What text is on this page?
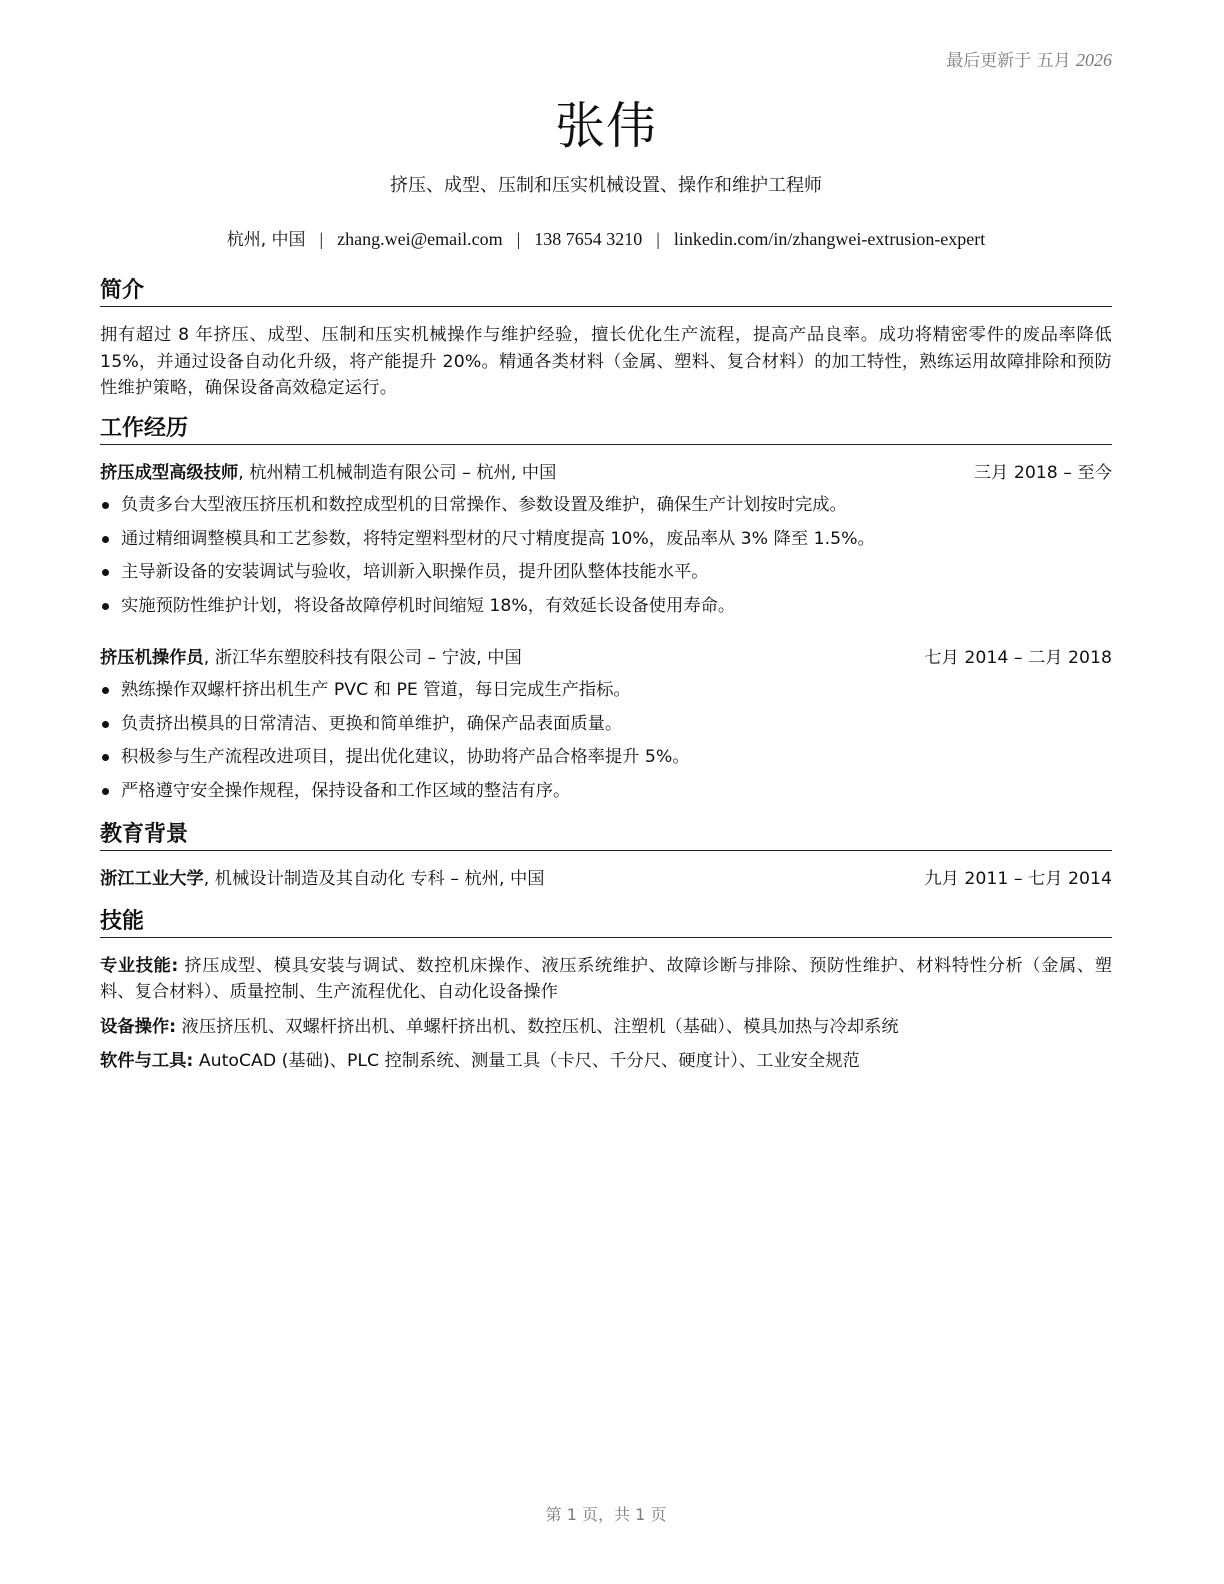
最后更新于 五月 2026
张伟
挤压、成型、压制和压实机械设置、操作和维护工程师
杭州, 中国 | zhang.wei@email.com | 138 7654 3210 | linkedin.com/in/zhangwei-extrusion-expert
简介
拥有超过 8 年挤压、成型、压制和压实机械操作与维护经验，擅长优化生产流程，提高产品良率。成功将精密零件的废品率降低 15%，并通过设备自动化升级，将产能提升 20%。精通各类材料（金属、塑料、复合材料）的加工特性，熟练运用故障排除和预防性维护策略，确保设备高效稳定运行。
工作经历
挤压成型高级技师, 杭州精工机械制造有限公司 – 杭州, 中国	三月 2018 – 至今
负责多台大型液压挤压机和数控成型机的日常操作、参数设置及维护，确保生产计划按时完成。
通过精细调整模具和工艺参数，将特定塑料型材的尺寸精度提高 10%，废品率从 3% 降至 1.5%。
主导新设备的安装调试与验收，培训新入职操作员，提升团队整体技能水平。
实施预防性维护计划，将设备故障停机时间缩短 18%，有效延长设备使用寿命。
挤压机操作员, 浙江华东塑胶科技有限公司 – 宁波, 中国	七月 2014 – 二月 2018
熟练操作双螺杆挤出机生产 PVC 和 PE 管道，每日完成生产指标。
负责挤出模具的日常清洁、更换和简单维护，确保产品表面质量。
积极参与生产流程改进项目，提出优化建议，协助将产品合格率提升 5%。
严格遵守安全操作规程，保持设备和工作区域的整洁有序。
教育背景
浙江工业大学, 机械设计制造及其自动化 专科 – 杭州, 中国	九月 2011 – 七月 2014
技能
专业技能: 挤压成型、模具安装与调试、数控机床操作、液压系统维护、故障诊断与排除、预防性维护、材料特性分析（金属、塑料、复合材料）、质量控制、生产流程优化、自动化设备操作
设备操作: 液压挤压机、双螺杆挤出机、单螺杆挤出机、数控压机、注塑机（基础）、模具加热与冷却系统
软件与工具: AutoCAD (基础)、PLC 控制系统、测量工具（卡尺、千分尺、硬度计）、工业安全规范
第 1 页，共 1 页
